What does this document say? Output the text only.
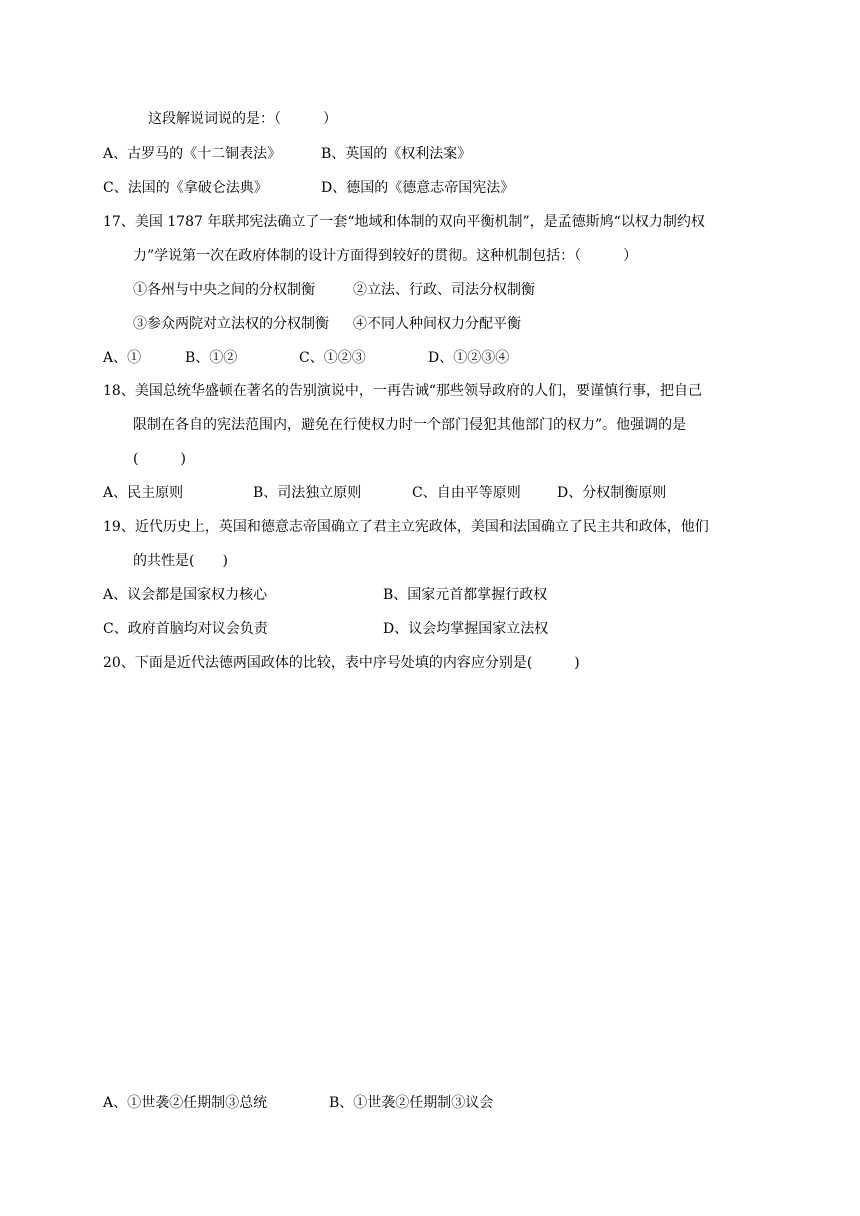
这段解说词说的是：（　　　）

A、古罗马的《十二铜表法》

	B、英国的《权利法案》

C、法国的《拿破仑法典》

	D、德国的《德意志帝国宪法》

17、美国 1787 年联邦宪法确立了一套“地域和体制的双向平衡机制”，是孟德斯鸠“以权力制约权
力”学说第一次在政府体制的设计方面得到较好的贯彻。这种机制包括：（　　　）

①各州与中央之间的分权制衡

	②立法、行政、司法分权制衡

③参众两院对立法权的分权制衡

④不同人种间权力分配平衡

A、①

	B、①②

	C、①②③

	D、①②③④

18、美国总统华盛顿在著名的告别演说中，一再告诫“那些领导政府的人们，要谨慎行事，把自己
限制在各自的宪法范围内，避免在行使权力时一个部门侵犯其他部门的权力”。他强调的是
(　　　)

A、民主原则

	B、司法独立原则

	C、自由平等原则

	D、分权制衡原则

19、近代历史上，英国和德意志帝国确立了君主立宪政体，美国和法国确立了民主共和政体，他们
的共性是(　　)

A、议会都是国家权力核心

	B、国家元首都掌握行政权

C、政府首脑均对议会负责

	D、议会均掌握国家立法权

20、下面是近代法德两国政体的比较，表中序号处填的内容应分别是(　　　)

A、①世袭②任期制③总统

	B、①世袭②任期制③议会
